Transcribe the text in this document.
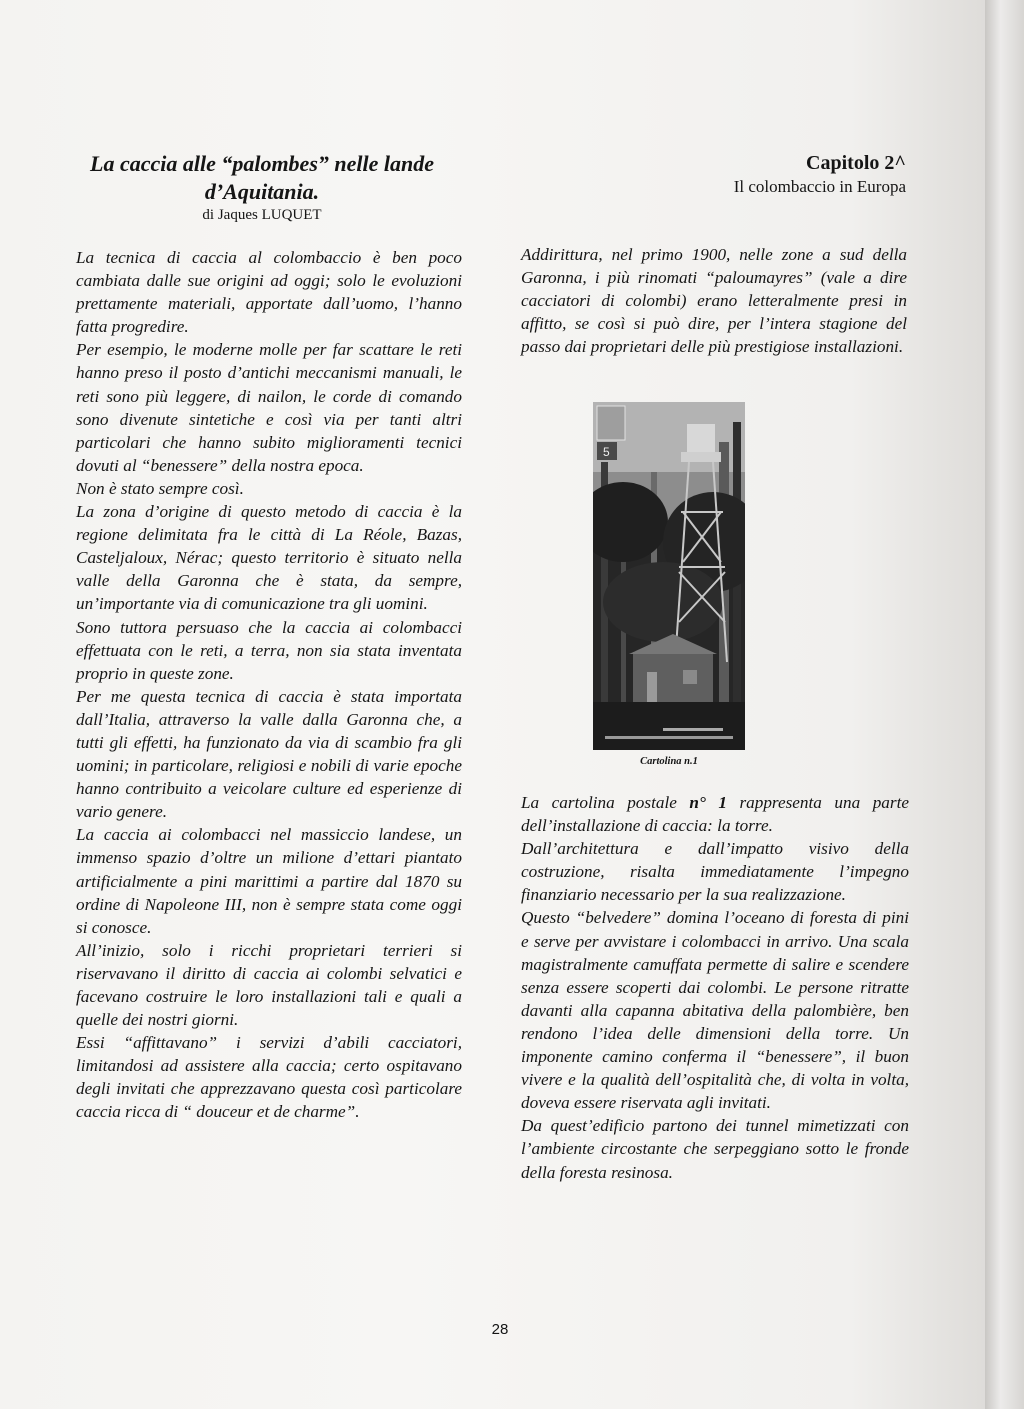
La caccia alle “palombes” nelle lande d’Aquitania.
di Jaques LUQUET
Capitolo 2^
Il colombaccio in Europa

La tecnica di caccia al colombaccio è ben poco cambiata dalle sue origini ad oggi; solo le evoluzioni prettamente materiali, apportate dall’uomo, l’hanno fatta progredire.

Per esempio, le moderne molle per far scattare le reti hanno preso il posto d’antichi meccanismi manuali, le reti sono più leggere, di nailon, le corde di comando sono divenute sintetiche e così via per tanti altri particolari che hanno subito miglioramenti tecnici dovuti al “benessere” della nostra epoca.

Non è stato sempre così.

La zona d’origine di questo metodo di caccia è la regione delimitata fra le città di La Réole, Bazas, Casteljaloux, Nérac; questo territorio è situato nella valle della Garonna che è stata, da sempre, un’importante via di comunicazione tra gli uomini.

Sono tuttora persuaso che la caccia ai colombacci effettuata con le reti, a terra, non sia stata inventata proprio in queste zone.

Per me questa tecnica di caccia è stata importata dall’Italia, attraverso la valle dalla Garonna che, a tutti gli effetti, ha funzionato da via di scambio fra gli uomini; in particolare, religiosi e nobili di varie epoche hanno contribuito a veicolare culture ed esperienze di vario genere.

La caccia ai colombacci nel massiccio landese, un immenso spazio d’oltre un milione d’ettari piantato artificialmente a pini marittimi a partire dal 1870 su ordine di Napoleone III, non è sempre stata come oggi si conosce.

All’inizio, solo i ricchi proprietari terrieri si riservavano il diritto di caccia ai colombi selvatici e facevano costruire le loro installazioni tali e quali a quelle dei nostri giorni.

Essi “affittavano” i servizi d’abili cacciatori, limitandosi ad assistere alla caccia; certo ospitavano degli invitati che apprezzavano questa così particolare caccia ricca di “ douceur et de charme”.

Addirittura, nel primo 1900, nelle zone a sud della Garonna, i più rinomati “paloumayres” (vale a dire cacciatori di colombi) erano letteralmente presi in affitto, se così si può dire, per l’intera stagione del passo dai proprietari delle più prestigiose installazioni.

5
Cartolina n.1

La cartolina postale n° 1 rappresenta una parte dell’installazione di caccia: la torre.

Dall’architettura e dall’impatto visivo della costruzione, risalta immediatamente l’impegno finanziario necessario per la sua realizzazione.

Questo “belvedere” domina l’oceano di foresta di pini e serve per avvistare i colombacci in arrivo. Una scala magistralmente camuffata permette di salire e scendere senza essere scoperti dai colombi. Le persone ritratte davanti alla capanna abitativa della palombière, ben rendono l’idea delle dimensioni della torre. Un imponente camino conferma il “benessere”, il buon vivere e la qualità dell’ospitalità che, di volta in volta, doveva essere riservata agli invitati.

Da quest’edificio partono dei tunnel mimetizzati con l’ambiente circostante che serpeggiano sotto le fronde della foresta resinosa.

28
